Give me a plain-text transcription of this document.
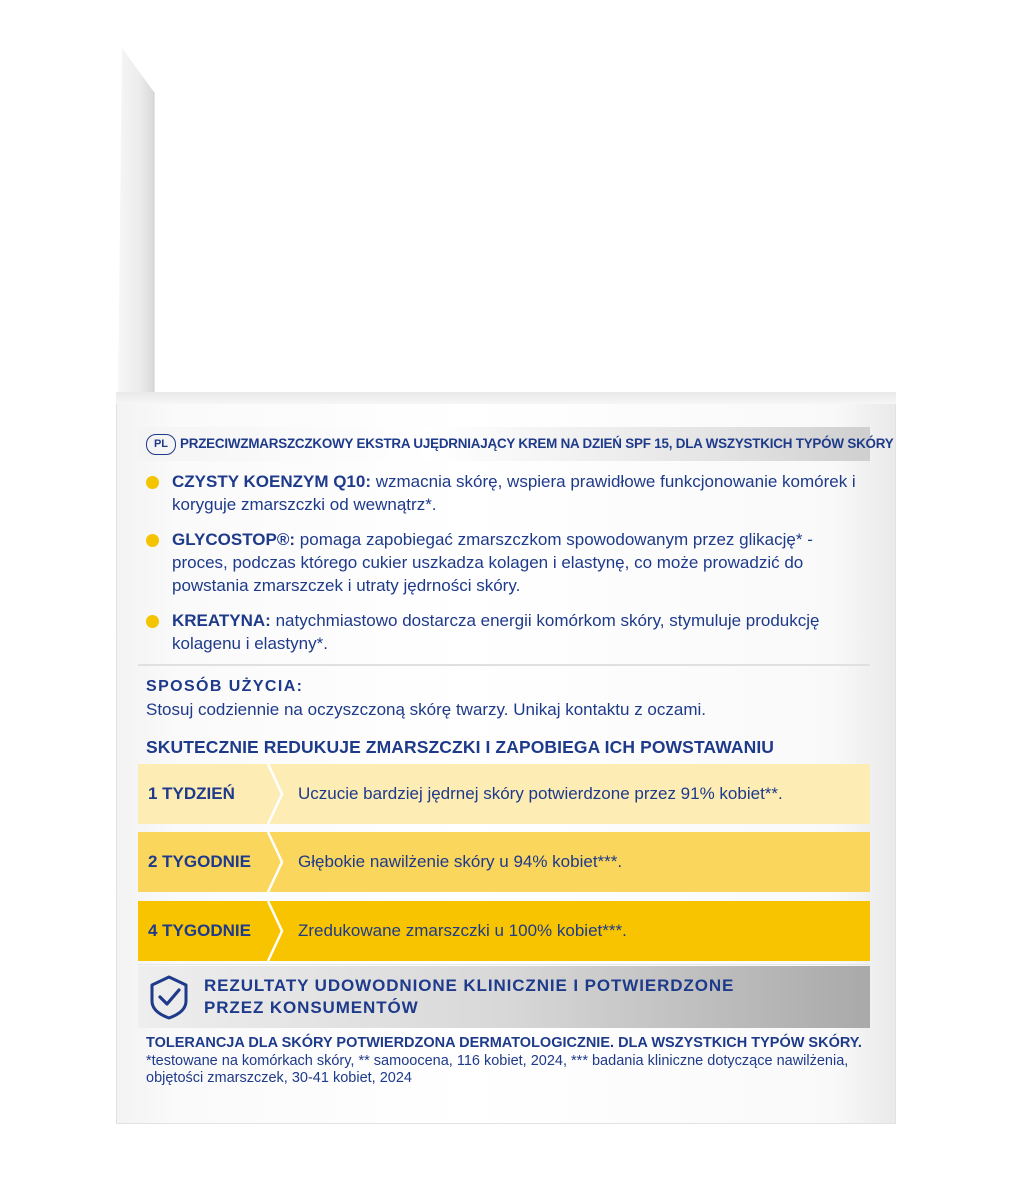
PL PRZECIWZMARSZCZKOWY EKSTRA UJĘDRNIAJĄCY KREM NA DZIEŃ SPF 15, DLA WSZYSTKICH TYPÓW SKÓRY
CZYSTY KOENZYM Q10: wzmacnia skórę, wspiera prawidłowe funkcjonowanie komórek i koryguje zmarszczki od wewnątrz*.
GLYCOSTOP®: pomaga zapobiegać zmarszczkom spowodowanym przez glikację* - proces, podczas którego cukier uszkadza kolagen i elastynę, co może prowadzić do powstania zmarszczek i utraty jędrności skóry.
KREATYNA: natychmiastowo dostarcza energii komórkom skóry, stymuluje produkcję kolagenu i elastyny*.
SPOSÓB UŻYCIA:
Stosuj codziennie na oczyszczoną skórę twarzy. Unikaj kontaktu z oczami.
SKUTECZNIE REDUKUJE ZMARSZCZKI I ZAPOBIEGA ICH POWSTAWANIU
1 TYDZIEŃ	Uczucie bardziej jędrnej skóry potwierdzone przez 91% kobiet**.
2 TYGODNIE	Głębokie nawilżenie skóry u 94% kobiet***.
4 TYGODNIE	Zredukowane zmarszczki u 100% kobiet***.
REZULTATY UDOWODNIONE KLINICZNIE I POTWIERDZONE
PRZEZ KONSUMENTÓW
TOLERANCJA DLA SKÓRY POTWIERDZONA DERMATOLOGICZNIE. DLA WSZYSTKICH TYPÓW SKÓRY. *testowane na komórkach skóry, ** samoocena, 116 kobiet, 2024, *** badania kliniczne dotyczące nawilżenia, objętości zmarszczek, 30-41 kobiet, 2024
